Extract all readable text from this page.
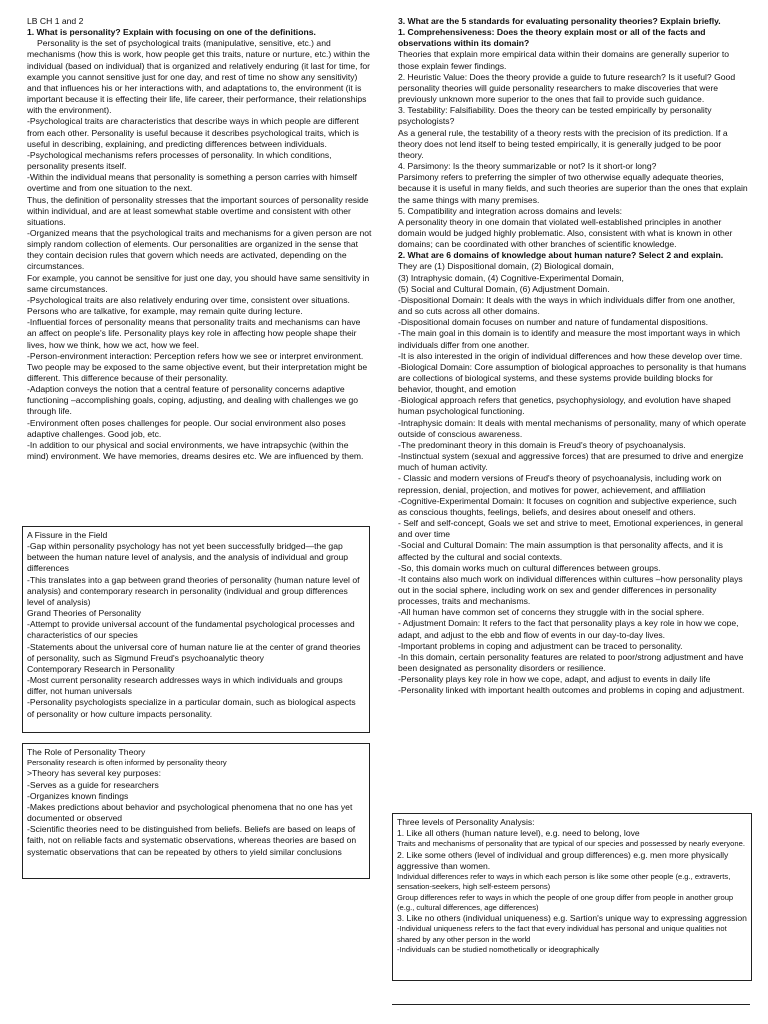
LB CH 1 and 2

1. What is personality? Explain with focusing on one of the definitions.

Personality is the set of psychological traits (manipulative, sensitive, etc.) and mechanisms (how this is work, how people get this traits, nature or nurture, etc.) within the individual (based on individual) that is organized and relatively enduring (it last for time, for example you cannot sensitive just for one day, and rest of time no show any sensitivity) and that influences his or her interactions with, and adaptations to, the environment (it is important because it is effecting their life, life career, their performance, their relationships with the environment).

-Psychological traits are characteristics that describe ways in which people are different from each other. Personality is useful because it describes psychological traits, which is useful in describing, explaining, and predicting differences between individuals.

-Psychological mechanisms refers processes of personality. In which conditions, personality presents itself.

-Within the individual means that personality is something a person carries with himself overtime and from one situation to the next.

Thus, the definition of personality stresses that the important sources of personality reside within individual, and are at least somewhat stable overtime and consistent with other situations.

-Organized means that the psychological traits and mechanisms for a given person are not simply random collection of elements. Our personalities are organized in the sense that they contain decision rules that govern which needs are activated, depending on the circumstances.

For example, you cannot be sensitive for just one day, you should have same sensitivity in same circumstances.

-Psychological traits are also relatively enduring over time, consistent over situations. Persons who are talkative, for example, may remain quite during lecture.

-Influential forces of personality means that personality traits and mechanisms can have an affect on people's life. Personality plays key role in affecting how people shape their lives, how we think, how we act, how we feel.

-Person-environment interaction: Perception refers how we see or interpret environment. Two people may be exposed to the same objective event, but their interpretation might be different. This difference because of their personality.

-Adaption conveys the notion that a central feature of personality concerns adaptive functioning –accomplishing goals, coping, adjusting, and dealing with challenges we go through life.

-Environment often poses challenges for people. Our social environment also poses adaptive challenges. Good job, etc.

-In addition to our physical and social environments, we have intrapsychic (within the mind) environment. We have memories, dreams desires etc. We are influenced by them.

A Fissure in the Field

-Gap within personality psychology has not yet been successfully bridged—the gap between the human nature level of analysis, and the analysis of individual and group differences

-This translates into a gap between grand theories of personality (human nature level of analysis) and contemporary research in personality (individual and group differences level of analysis)

Grand Theories of Personality

-Attempt to provide universal account of the fundamental psychological processes and characteristics of our species

-Statements about the universal core of human nature lie at the center of grand theories of personality, such as Sigmund Freud's psychoanalytic theory

Contemporary Research in Personality

-Most current personality research addresses ways in which individuals and groups differ, not human universals

-Personality psychologists specialize in a particular domain, such as biological aspects of personality or how culture impacts personality.

The Role of Personality Theory

Personality research is often informed by personality theory

>Theory has several key purposes:

-Serves as a guide for researchers

-Organizes known findings

-Makes predictions about behavior and psychological phenomena that no one has yet documented or observed

-Scientific theories need to be distinguished from beliefs. Beliefs are based on leaps of faith, not on reliable facts and systematic observations, whereas theories are based on systematic observations that can be repeated by others to yield similar conclusions

3. What are the 5 standards for evaluating personality theories? Explain briefly.

1. Comprehensiveness: Does the theory explain most or all of the facts and observations within its domain?

Theories that explain more empirical data within their domains are generally superior to those explain fewer findings.

2. Heuristic Value: Does the theory provide a guide to future research? Is it useful? Good personality theories will guide personality researchers to make discoveries that were previously unknown more superior to the ones that fail to provide such guidance.

3. Testability: Falsifiability. Does the theory can be tested empirically by personality psychologists?

As a general rule, the testability of a theory rests with the precision of its prediction. If a theory does not lend itself to being tested empirically, it is generally judged to be poor theory.

4. Parsimony: Is the theory summarizable or not? Is it short-or long?

Parsimony refers to preferring the simpler of two otherwise equally adequate theories, because it is useful in many fields, and such theories are superior than the ones that explain the same things with many premises.

5. Compatibility and integration across domains and levels:

A personality theory in one domain that violated well-established principles in another domain would be judged highly problematic. Also, consistent with what is known in other domains; can be coordinated with other branches of scientific knowledge.

2. What are 6 domains of knowledge about human nature? Select 2 and explain.

They are (1) Dispositional domain, (2) Biological domain,

(3) Intraphysic domain, (4) Cognitive-Experimental Domain,

(5) Social and Cultural Domain, (6) Adjustment Domain.

-Dispositional Domain: It deals with the ways in which individuals differ from one another, and so cuts across all other domains.

-Dispositional domain focuses on number and nature of fundamental dispositions.

-The main goal in this domain is to identify and measure the most important ways in which individuals differ from one another.

-It is also interested in the origin of individual differences and how these develop over time.

-Biological Domain: Core assumption of biological approaches to personality is that humans are collections of biological systems, and these systems provide building blocks for behavior, thought, and emotion

-Biological approach refers that genetics, psychophysiology, and evolution have shaped human psychological functioning.

-Intraphysic domain: It deals with mental mechanisms of personality, many of which operate outside of conscious awareness.

-The predominant theory in this domain is Freud's theory of psychoanalysis.

-Instinctual system (sexual and aggressive forces) that are presumed to drive and energize much of human activity.

- Classic and modern versions of Freud's theory of psychoanalysis, including work on repression, denial, projection, and motives for power, achievement, and affiliation

-Cognitive-Experimental Domain: It focuses on cognition and subjective experience, such as conscious thoughts, feelings, beliefs, and desires about oneself and others.

- Self and self-concept, Goals we set and strive to meet, Emotional experiences, in general and over time

-Social and Cultural Domain: The main assumption is that personality affects, and it is affected by the cultural and social contexts.

-So, this domain works much on cultural differences between groups.

-It contains also much work on individual differences within cultures –how personality plays out in the social sphere, including work on sex and gender differences in personality processes, traits and mechanisms.

-All human have common set of concerns they struggle with in the social sphere.

- Adjustment Domain: It refers to the fact that personality plays a key role in how we cope, adapt, and adjust to the ebb and flow of events in our day-to-day lives.

-Important problems in coping and adjustment can be traced to personality.

-In this domain, certain personality features are related to poor/strong adjustment and have been designated as personality disorders or resilience.

-Personality plays key role in how we cope, adapt, and adjust to events in daily life

-Personality linked with important health outcomes and problems in coping and adjustment.

Three levels of Personality Analysis:

1. Like all others (human nature level), e.g. need to belong, love

Traits and mechanisms of personality that are typical of our species and possessed by nearly everyone.

2. Like some others (level of individual and group differences) e.g. men more physically aggressive than women.

Individual differences refer to ways in which each person is like some other people (e.g., extraverts, sensation-seekers, high self-esteem persons)

Group differences refer to ways in which the people of one group differ from people in another group (e.g., cultural differences, age differences)

3. Like no others (individual uniqueness) e.g. Sartion's unique way to expressing aggression

-Individual uniqueness refers to the fact that every individual has personal and unique qualities not shared by any other person in the world

-Individuals can be studied nomothetically or ideographically
